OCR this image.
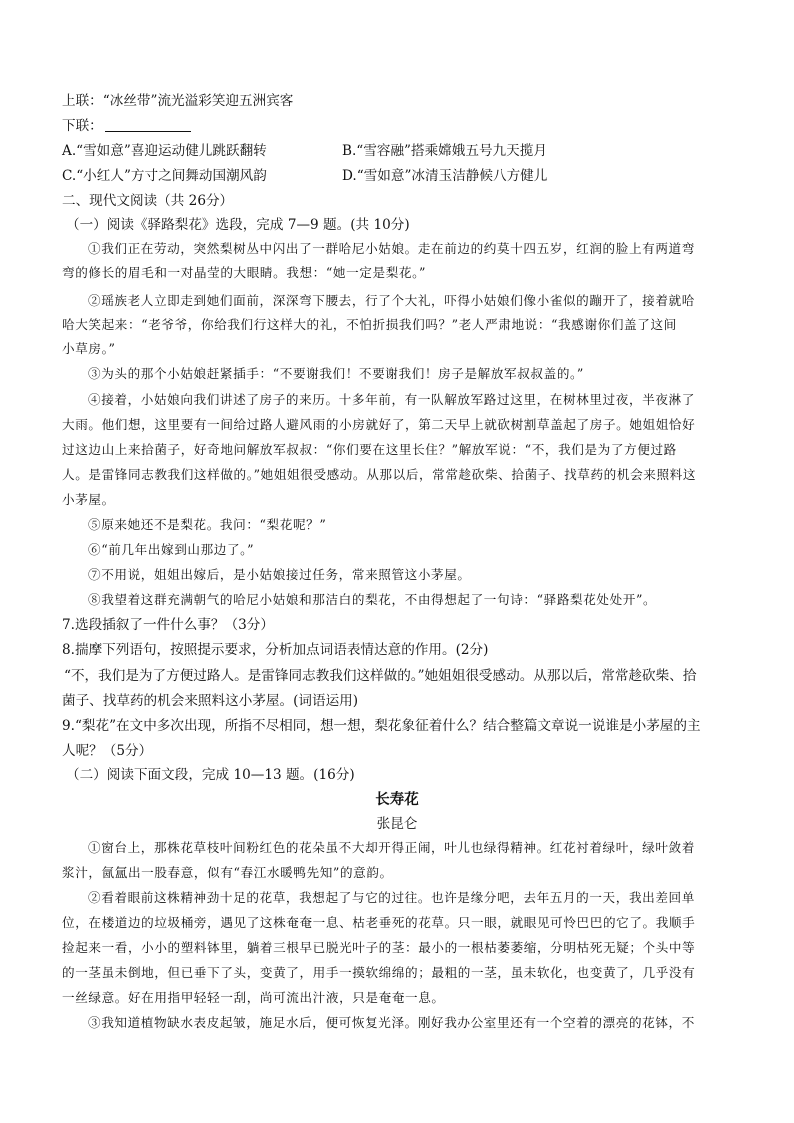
上联：“冰丝带”流光溢彩笑迎五洲宾客
下联：
A.“雪如意”喜迎运动健儿跳跃翻转	B.“雪容融”搭乘嫦娥五号九天揽月
C.“小红人”方寸之间舞动国潮风韵	D.“雪如意”冰清玉洁静候八方健儿
二、现代文阅读（共 26分）
（一）阅读《驿路梨花》选段，完成 7—9 题。(共 10分)
①我们正在劳动，突然梨树丛中闪出了一群哈尼小姑娘。走在前边的约莫十四五岁，红润的脸上有两道弯
弯的修长的眉毛和一对晶莹的大眼睛。我想：“她一定是梨花。”
②瑶族老人立即走到她们面前，深深弯下腰去，行了个大礼，吓得小姑娘们像小雀似的蹦开了，接着就哈
哈大笑起来：“老爷爷，你给我们行这样大的礼，不怕折损我们吗？”老人严肃地说：“我感谢你们盖了这间
小草房。”
③为头的那个小姑娘赶紧插手：“不要谢我们！不要谢我们！房子是解放军叔叔盖的。”
④接着，小姑娘向我们讲述了房子的来历。十多年前，有一队解放军路过这里，在树林里过夜，半夜淋了
大雨。他们想，这里要有一间给过路人避风雨的小房就好了，第二天早上就砍树割草盖起了房子。她姐姐恰好
过这边山上来拾菌子，好奇地问解放军叔叔：“你们要在这里长住？”解放军说：“不，我们是为了方便过路
人。是雷锋同志教我们这样做的。”她姐姐很受感动。从那以后，常常趁砍柴、拾菌子、找草药的机会来照料这
小茅屋。
⑤原来她还不是梨花。我问：“梨花呢？”
⑥“前几年出嫁到山那边了。”
⑦不用说，姐姐出嫁后，是小姑娘接过任务，常来照管这小茅屋。
⑧我望着这群充满朝气的哈尼小姑娘和那洁白的梨花，不由得想起了一句诗：“驿路梨花处处开”。
7.选段插叙了一件什么事？（3分）
8.揣摩下列语句，按照提示要求，分析加点词语表情达意的作用。(2分)
“不，我们是为了方便过路人。是雷锋同志教我们这样做的。”她姐姐很受感动。从那以后，常常趁砍柴、拾
菌子、找草药的机会来照料这小茅屋。(词语运用)
9.“梨花”在文中多次出现，所指不尽相同，想一想，梨花象征着什么？结合整篇文章说一说谁是小茅屋的主
人呢？（5分）
（二）阅读下面文段，完成 10—13 题。(16分)
长寿花
张昆仑
①窗台上，那株花草枝叶间粉红色的花朵虽不大却开得正闹，叶儿也绿得精神。红花衬着绿叶，绿叶敛着
浆汁，氤氲出一股春意，似有“春江水暖鸭先知”的意韵。
②看着眼前这株精神劲十足的花草，我想起了与它的过往。也许是缘分吧，去年五月的一天，我出差回单
位，在楼道边的垃圾桶旁，遇见了这株奄奄一息、枯老垂死的花草。只一眼，就眼见可怜巴巴的它了。我顺手
捡起来一看，小小的塑料钵里，躺着三根早已脱光叶子的茎：最小的一根枯萎萎缩，分明枯死无疑；个头中等
的一茎虽未倒地，但已垂下了头，变黄了，用手一摸软绵绵的；最粗的一茎，虽未软化，也变黄了，几乎没有
一丝绿意。好在用指甲轻轻一刮，尚可流出汁液，只是奄奄一息。
③我知道植物缺水表皮起皱，施足水后，便可恢复光泽。刚好我办公室里还有一个空着的漂亮的花钵，不
